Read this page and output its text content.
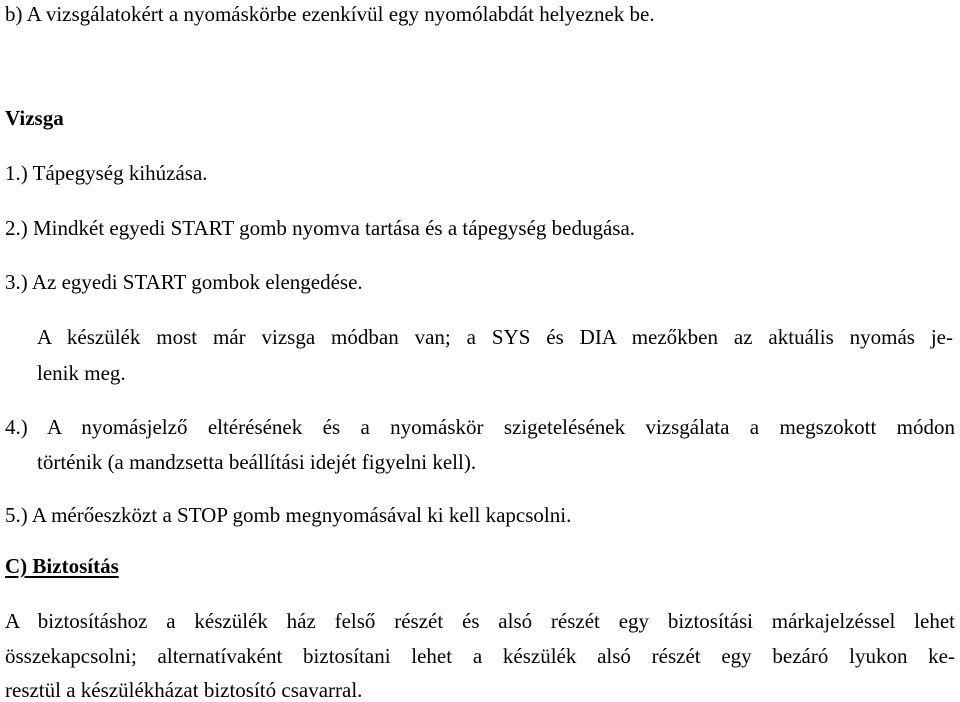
b) A vizsgálatokért a nyomáskörbe ezenkívül egy nyomólabdát helyeznek be.
Vizsga
1.) Tápegység kihúzása.
2.) Mindkét egyedi START gomb nyomva tartása és a tápegység bedugása.
3.) Az egyedi START gombok elengedése.
A készülék most már vizsga módban van; a SYS és DIA mezőkben az aktuális nyomás je-
lenik meg.
4.) A nyomásjelző eltérésének és a nyomáskör szigetelésének vizsgálata a megszokott módon
történik (a mandzsetta beállítási idejét figyelni kell).
5.) A mérőeszközt a STOP gomb megnyomásával ki kell kapcsolni.
C) Biztosítás
A biztosításhoz a készülék ház felső részét és alsó részét egy biztosítási márkajelzéssel lehet
összekapcsolni; alternatívaként biztosítani lehet a készülék alsó részét egy bezáró lyukon ke-
resztül a készülékházat biztosító csavarral.
